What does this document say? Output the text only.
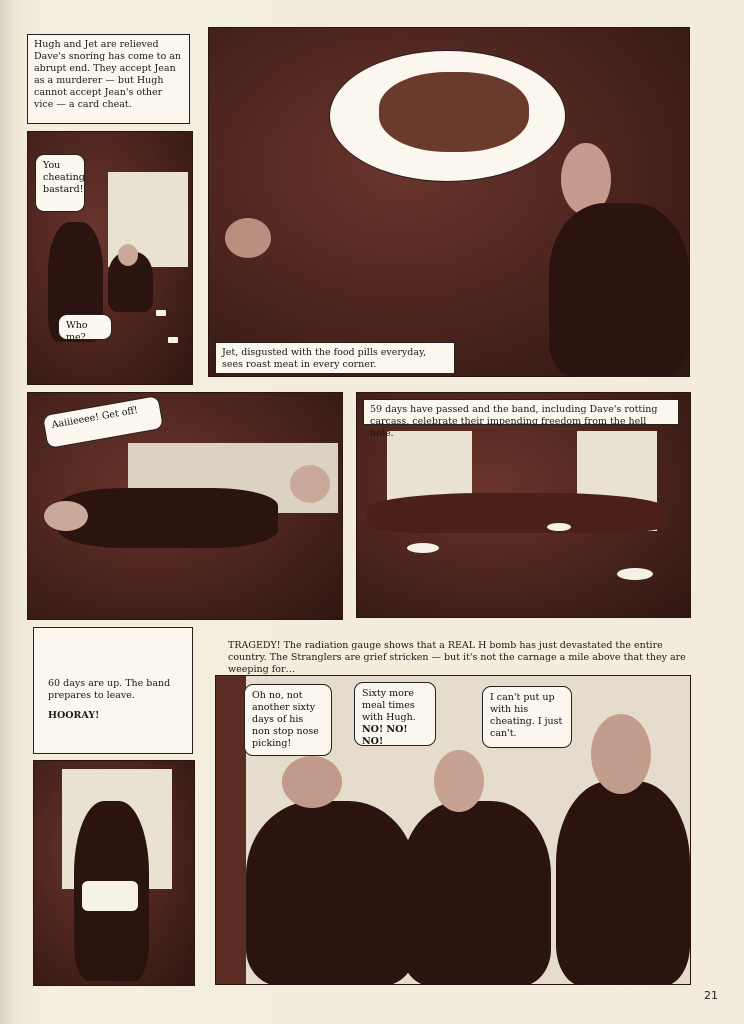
Hugh and Jet are relieved Dave's snoring has come to an abrupt end. They accept Jean as a murderer — but Hugh cannot accept Jean's other vice — a card cheat.
You cheating bastard!
Who me?
Jet, disgusted with the food pills everyday, sees roast meat in every corner.
Aaiiieeee! Get off!	59 days have passed and the band, including Dave's rotting carcass, celebrate their impending freedom from the hell hole.
60 days are up. The band prepares to leave.
HOORAY!
TRAGEDY! The radiation gauge shows that a REAL H bomb has just devastated the entire country. The Stranglers are grief stricken — but it's not the carnage a mile above that they are weeping for…
Oh no, not another sixty days of his non stop nose picking!
Sixty more meal times with Hugh. NO! NO! NO!
I can't put up with his cheating. I just can't.
21
